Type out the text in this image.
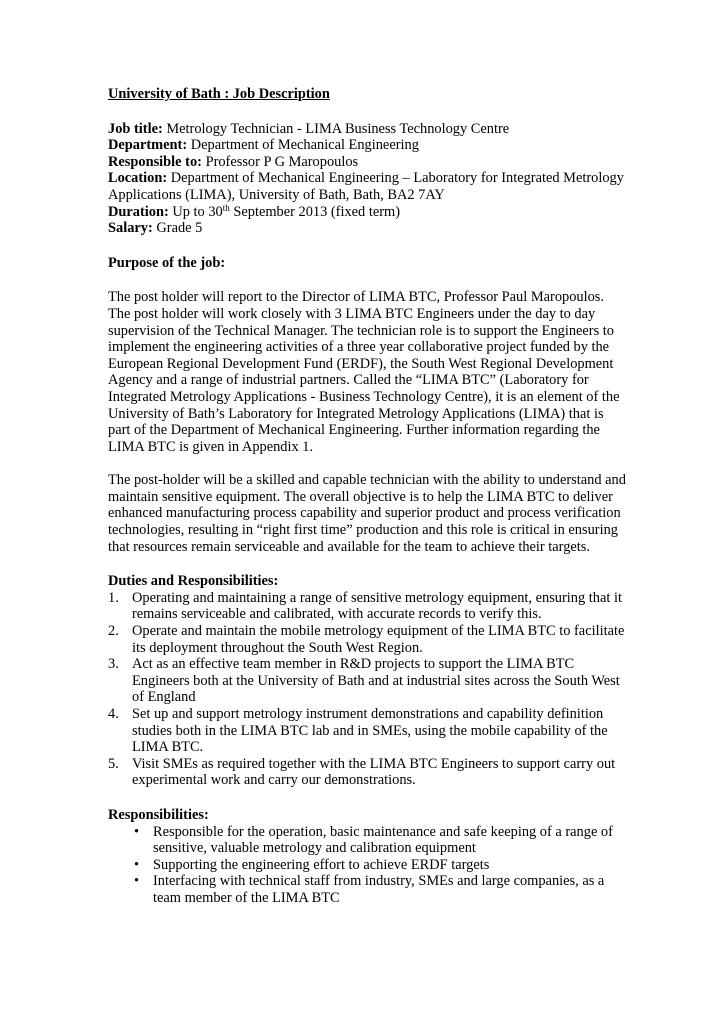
University of Bath : Job Description

Job title: Metrology Technician - LIMA Business Technology Centre

Department: Department of Mechanical Engineering

Responsible to: Professor P G Maropoulos

Location: Department of Mechanical Engineering – Laboratory for Integrated Metrology Applications (LIMA), University of Bath, Bath, BA2 7AY

Duration: Up to 30th September 2013 (fixed term)

Salary: Grade 5

Purpose of the job:

The post holder will report to the Director of LIMA BTC, Professor Paul Maropoulos. The post holder will work closely with 3 LIMA BTC Engineers under the day to day supervision of the Technical Manager. The technician role is to support the Engineers to implement the engineering activities of a three year collaborative project funded by the European Regional Development Fund (ERDF), the South West Regional Development Agency and a range of industrial partners. Called the “LIMA BTC” (Laboratory for Integrated Metrology Applications - Business Technology Centre), it is an element of the University of Bath’s Laboratory for Integrated Metrology Applications (LIMA) that is part of the Department of Mechanical Engineering. Further information regarding the LIMA BTC is given in Appendix 1.

The post-holder will be a skilled and capable technician with the ability to understand and maintain sensitive equipment. The overall objective is to help the LIMA BTC to deliver enhanced manufacturing process capability and superior product and process verification technologies, resulting in “right first time” production and this role is critical in ensuring that resources remain serviceable and available for the team to achieve their targets.

Duties and Responsibilities:

1. Operating and maintaining a range of sensitive metrology equipment, ensuring that it remains serviceable and calibrated, with accurate records to verify this.
2. Operate and maintain the mobile metrology equipment of the LIMA BTC to facilitate its deployment throughout the South West Region.
3. Act as an effective team member in R&D projects to support the LIMA BTC Engineers both at the University of Bath and at industrial sites across the South West of England
4. Set up and support metrology instrument demonstrations and capability definition studies both in the LIMA BTC lab and in SMEs, using the mobile capability of the LIMA BTC.
5. Visit SMEs as required together with the LIMA BTC Engineers to support carry out experimental work and carry our demonstrations.

Responsibilities:

• Responsible for the operation, basic maintenance and safe keeping of a range of sensitive, valuable metrology and calibration equipment
• Supporting the engineering effort to achieve ERDF targets
• Interfacing with technical staff from industry, SMEs and large companies, as a team member of the LIMA BTC
